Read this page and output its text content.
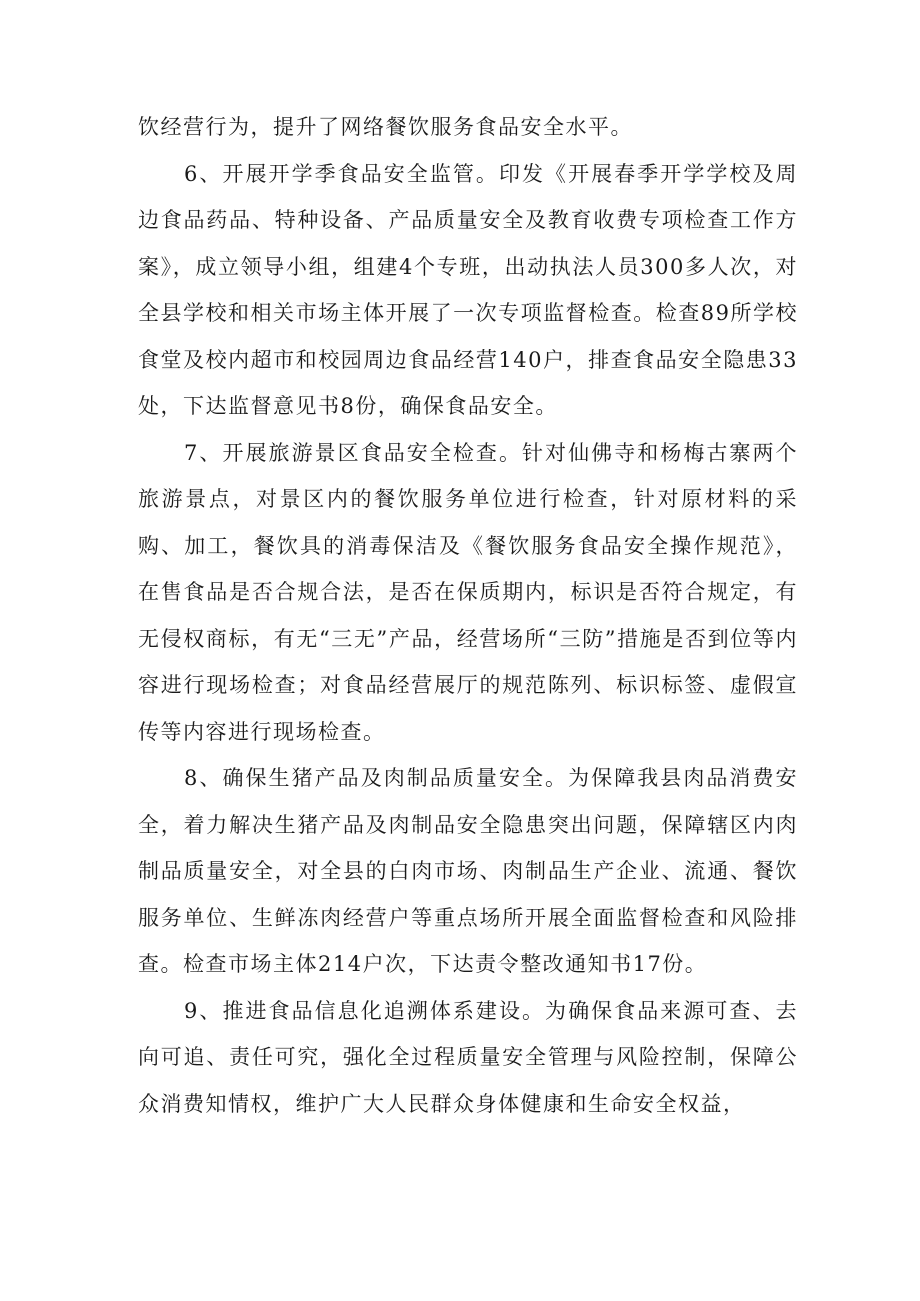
饮经营行为，提升了网络餐饮服务食品安全水平。

6、开展开学季食品安全监管。印发《开展春季开学学校及周边食品药品、特种设备、产品质量安全及教育收费专项检查工作方案》，成立领导小组，组建4个专班，出动执法人员300多人次，对全县学校和相关市场主体开展了一次专项监督检查。检查89所学校食堂及校内超市和校园周边食品经营140户，排查食品安全隐患33处，下达监督意见书8份，确保食品安全。

7、开展旅游景区食品安全检查。针对仙佛寺和杨梅古寨两个旅游景点，对景区内的餐饮服务单位进行检查，针对原材料的采购、加工，餐饮具的消毒保洁及《餐饮服务食品安全操作规范》，在售食品是否合规合法，是否在保质期内，标识是否符合规定，有无侵权商标，有无“三无”产品，经营场所“三防”措施是否到位等内容进行现场检查；对食品经营展厅的规范陈列、标识标签、虚假宣传等内容进行现场检查。

8、确保生猪产品及肉制品质量安全。为保障我县肉品消费安全，着力解决生猪产品及肉制品安全隐患突出问题，保障辖区内肉制品质量安全，对全县的白肉市场、肉制品生产企业、流通、餐饮服务单位、生鲜冻肉经营户等重点场所开展全面监督检查和风险排查。检查市场主体214户次，下达责令整改通知书17份。

9、推进食品信息化追溯体系建设。为确保食品来源可查、去向可追、责任可究，强化全过程质量安全管理与风险控制，保障公众消费知情权，维护广大人民群众身体健康和生命安全权益，
